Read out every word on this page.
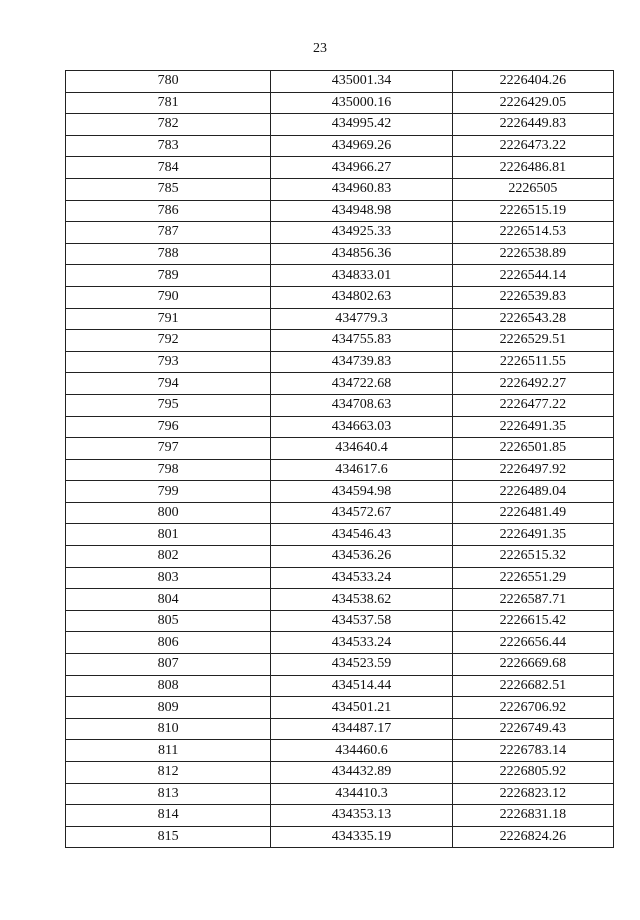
23
780	435001.34	2226404.26
781	435000.16	2226429.05
782	434995.42	2226449.83
783	434969.26	2226473.22
784	434966.27	2226486.81
785	434960.83	2226505
786	434948.98	2226515.19
787	434925.33	2226514.53
788	434856.36	2226538.89
789	434833.01	2226544.14
790	434802.63	2226539.83
791	434779.3	2226543.28
792	434755.83	2226529.51
793	434739.83	2226511.55
794	434722.68	2226492.27
795	434708.63	2226477.22
796	434663.03	2226491.35
797	434640.4	2226501.85
798	434617.6	2226497.92
799	434594.98	2226489.04
800	434572.67	2226481.49
801	434546.43	2226491.35
802	434536.26	2226515.32
803	434533.24	2226551.29
804	434538.62	2226587.71
805	434537.58	2226615.42
806	434533.24	2226656.44
807	434523.59	2226669.68
808	434514.44	2226682.51
809	434501.21	2226706.92
810	434487.17	2226749.43
811	434460.6	2226783.14
812	434432.89	2226805.92
813	434410.3	2226823.12
814	434353.13	2226831.18
815	434335.19	2226824.26
